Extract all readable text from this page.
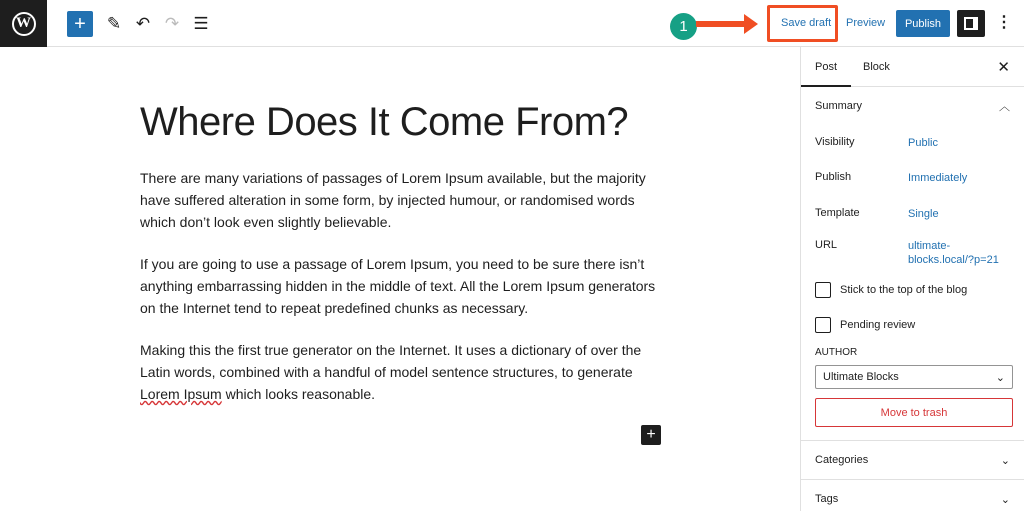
W	+	✎ ↶ ↷ ☰	1	Save draft Preview	Publish	⋮
Where Does It Come From?

There are many variations of passages of Lorem Ipsum available, but the majority have suffered alteration in some form, by injected humour, or randomised words which don’t look even slightly believable.

If you are going to use a passage of Lorem Ipsum, you need to be sure there isn’t anything embarrassing hidden in the middle of text. All the Lorem Ipsum generators on the Internet tend to repeat predefined chunks as necessary.

Making this the first true generator on the Internet. It uses a dictionary of over the Latin words, combined with a handful of model sentence structures, to generate Lorem Ipsum which looks reasonable.

+
Post Block	✕
Summary	︿
Visibility	Public
Publish	Immediately
Template	Single
URL	ultimate-blocks.local/?p=21
Stick to the top of the blog
Pending review
AUTHOR
Ultimate Blocks	⌄
Move to trash
Categories	⌄
Tags	⌄
